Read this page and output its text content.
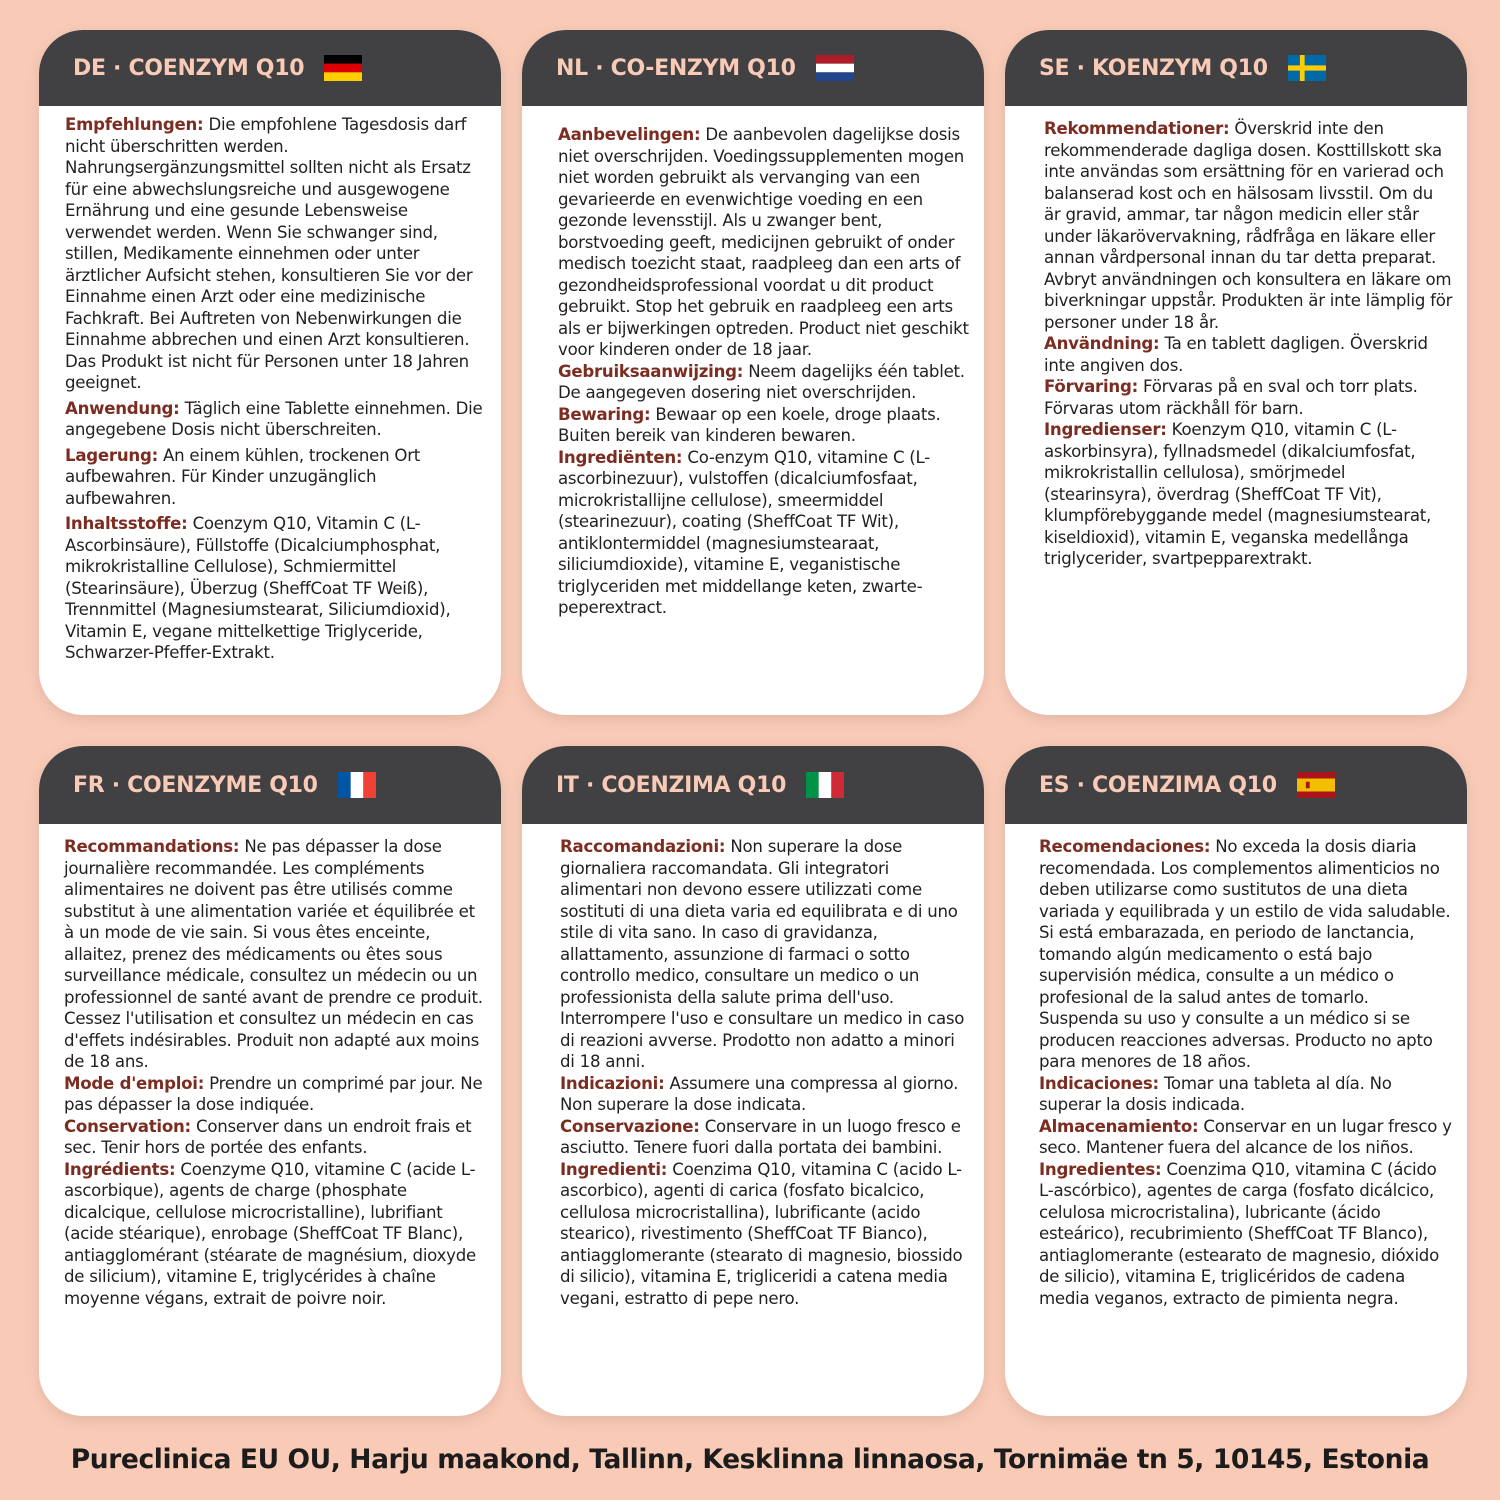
DE · COENZYM Q10

Empfehlungen: Die empfohlene Tagesdosis darf nicht überschritten werden. Nahrungsergänzungsmittel sollten nicht als Ersatz für eine abwechslungsreiche und ausgewogene Ernährung und eine gesunde Lebensweise verwendet werden. Wenn Sie schwanger sind, stillen, Medikamente einnehmen oder unter ärztlicher Aufsicht stehen, konsultieren Sie vor der Einnahme einen Arzt oder eine medizinische Fachkraft. Bei Auftreten von Nebenwirkungen die Einnahme abbrechen und einen Arzt konsultieren. Das Produkt ist nicht für Personen unter 18 Jahren geeignet.

Anwendung: Täglich eine Tablette einnehmen. Die angegebene Dosis nicht überschreiten.

Lagerung: An einem kühlen, trockenen Ort aufbewahren. Für Kinder unzugänglich aufbewahren.

Inhaltsstoffe: Coenzym Q10, Vitamin C (L-Ascorbinsäure), Füllstoffe (Dicalciumphosphat, mikrokristalline Cellulose), Schmiermittel (Stearinsäure), Überzug (SheffCoat TF Weiß), Trennmittel (Magnesiumstearat, Siliciumdioxid), Vitamin E, vegane mittelkettige Triglyceride, Schwarzer-Pfeffer-Extrakt.

NL · CO-ENZYM Q10

Aanbevelingen: De aanbevolen dagelijkse dosis niet overschrijden. Voedingssupplementen mogen niet worden gebruikt als vervanging van een gevarieerde en evenwichtige voeding en een gezonde levensstijl. Als u zwanger bent, borstvoeding geeft, medicijnen gebruikt of onder medisch toezicht staat, raadpleeg dan een arts of gezondheidsprofessional voordat u dit product gebruikt. Stop het gebruik en raadpleeg een arts als er bijwerkingen optreden. Product niet geschikt voor kinderen onder de 18 jaar.

Gebruiksaanwijzing: Neem dagelijks één tablet. De aangegeven dosering niet overschrijden.

Bewaring: Bewaar op een koele, droge plaats. Buiten bereik van kinderen bewaren.

Ingrediënten: Co-enzym Q10, vitamine C (L-ascorbinezuur), vulstoffen (dicalciumfosfaat, microkristallijne cellulose), smeermiddel (stearinezuur), coating (SheffCoat TF Wit), antiklontermiddel (magnesiumstearaat, siliciumdioxide), vitamine E, veganistische triglyceriden met middellange keten, zwarte-peperextract.

SE · KOENZYM Q10

Rekommendationer: Överskrid inte den rekommenderade dagliga dosen. Kosttillskott ska inte användas som ersättning för en varierad och balanserad kost och en hälsosam livsstil. Om du är gravid, ammar, tar någon medicin eller står under läkarövervakning, rådfråga en läkare eller annan vårdpersonal innan du tar detta preparat. Avbryt användningen och konsultera en läkare om biverkningar uppstår. Produkten är inte lämplig för personer under 18 år.

Användning: Ta en tablett dagligen. Överskrid inte angiven dos.

Förvaring: Förvaras på en sval och torr plats. Förvaras utom räckhåll för barn.

Ingredienser: Koenzym Q10, vitamin C (L-askorbinsyra), fyllnadsmedel (dikalciumfosfat, mikrokristallin cellulosa), smörjmedel (stearinsyra), överdrag (SheffCoat TF Vit), klumpförebyggande medel (magnesiumstearat, kiseldioxid), vitamin E, veganska medellånga triglycerider, svartpepparextrakt.

FR · COENZYME Q10

Recommandations: Ne pas dépasser la dose journalière recommandée. Les compléments alimentaires ne doivent pas être utilisés comme substitut à une alimentation variée et équilibrée et à un mode de vie sain. Si vous êtes enceinte, allaitez, prenez des médicaments ou êtes sous surveillance médicale, consultez un médecin ou un professionnel de santé avant de prendre ce produit. Cessez l'utilisation et consultez un médecin en cas d'effets indésirables. Produit non adapté aux moins de 18 ans.

Mode d'emploi: Prendre un comprimé par jour. Ne pas dépasser la dose indiquée.

Conservation: Conserver dans un endroit frais et sec. Tenir hors de portée des enfants.

Ingrédients: Coenzyme Q10, vitamine C (acide L-ascorbique), agents de charge (phosphate dicalcique, cellulose microcristalline), lubrifiant (acide stéarique), enrobage (SheffCoat TF Blanc), antiagglomérant (stéarate de magnésium, dioxyde de silicium), vitamine E, triglycérides à chaîne moyenne végans, extrait de poivre noir.

IT · COENZIMA Q10

Raccomandazioni: Non superare la dose giornaliera raccomandata. Gli integratori alimentari non devono essere utilizzati come sostituti di una dieta varia ed equilibrata e di uno stile di vita sano. In caso di gravidanza, allattamento, assunzione di farmaci o sotto controllo medico, consultare un medico o un professionista della salute prima dell'uso. Interrompere l'uso e consultare un medico in caso di reazioni avverse. Prodotto non adatto a minori di 18 anni.

Indicazioni: Assumere una compressa al giorno. Non superare la dose indicata.

Conservazione: Conservare in un luogo fresco e asciutto. Tenere fuori dalla portata dei bambini.

Ingredienti: Coenzima Q10, vitamina C (acido L-ascorbico), agenti di carica (fosfato bicalcico, cellulosa microcristallina), lubrificante (acido stearico), rivestimento (SheffCoat TF Bianco), antiagglomerante (stearato di magnesio, biossido di silicio), vitamina E, trigliceridi a catena media vegani, estratto di pepe nero.

ES · COENZIMA Q10

Recomendaciones: No exceda la dosis diaria recomendada. Los complementos alimenticios no deben utilizarse como sustitutos de una dieta variada y equilibrada y un estilo de vida saludable. Si está embarazada, en periodo de lanctancia, tomando algún medicamento o está bajo supervisión médica, consulte a un médico o profesional de la salud antes de tomarlo. Suspenda su uso y consulte a un médico si se producen reacciones adversas. Producto no apto para menores de 18 años.

Indicaciones: Tomar una tableta al día. No superar la dosis indicada.

Almacenamiento: Conservar en un lugar fresco y seco. Mantener fuera del alcance de los niños.

Ingredientes: Coenzima Q10, vitamina C (ácido L-ascórbico), agentes de carga (fosfato dicálcico, celulosa microcristalina), lubricante (ácido esteárico), recubrimiento (SheffCoat TF Blanco), antiaglomerante (estearato de magnesio, dióxido de silicio), vitamina E, triglicéridos de cadena media veganos, extracto de pimienta negra.

Pureclinica EU OU, Harju maakond, Tallinn, Kesklinna linnaosa, Tornimäe tn 5, 10145, Estonia
